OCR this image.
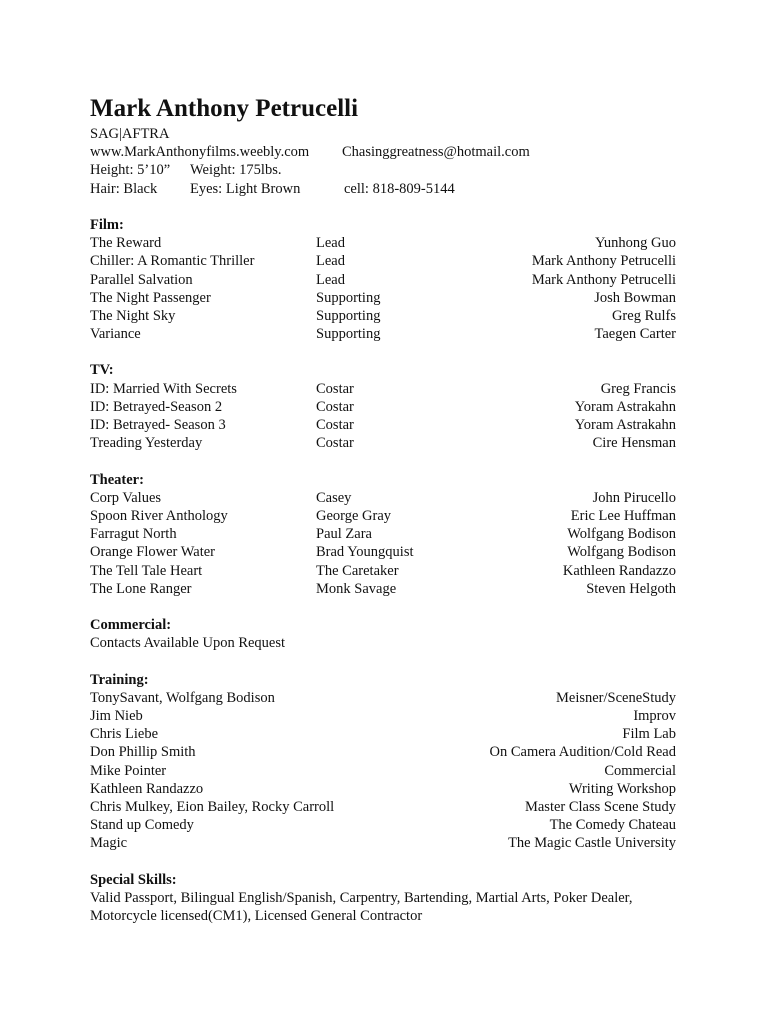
Mark Anthony Petrucelli
SAG|AFTRA
www.MarkAnthonyfilms.weebly.com Chasinggreatness@hotmail.com
Height: 5’10” Weight: 175lbs.
Hair: Black Eyes: Light Brown	cell: 818-809-5144
Film:
The Reward	Lead	Yunhong Guo
Chiller: A Romantic Thriller	Lead	Mark Anthony Petrucelli
Parallel Salvation	Lead	Mark Anthony Petrucelli
The Night Passenger	Supporting	Josh Bowman
The Night Sky	Supporting	Greg Rulfs
Variance	Supporting	Taegen Carter
TV:
ID: Married With Secrets	Costar	Greg Francis
ID: Betrayed-Season 2	Costar	Yoram Astrakahn
ID: Betrayed- Season 3	Costar	Yoram Astrakahn
Treading Yesterday	Costar	Cire Hensman
Theater:
Corp Values	Casey	John Pirucello
Spoon River Anthology	George Gray	Eric Lee Huffman
Farragut North	Paul Zara	Wolfgang Bodison
Orange Flower Water	Brad Youngquist	Wolfgang Bodison
The Tell Tale Heart	The Caretaker	Kathleen Randazzo
The Lone Ranger	Monk Savage	Steven Helgoth
Commercial:
Contacts Available Upon Request
Training:
TonySavant, Wolfgang Bodison	Meisner/SceneStudy
Jim Nieb	Improv
Chris Liebe	Film Lab
Don Phillip Smith	On Camera Audition/Cold Read
Mike Pointer	Commercial
Kathleen Randazzo	Writing Workshop
Chris Mulkey, Eion Bailey, Rocky Carroll	Master Class Scene Study
Stand up Comedy	The Comedy Chateau
Magic	The Magic Castle University
Special Skills:
Valid Passport, Bilingual English/Spanish, Carpentry, Bartending, Martial Arts, Poker Dealer, Motorcycle licensed(CM1), Licensed General Contractor
